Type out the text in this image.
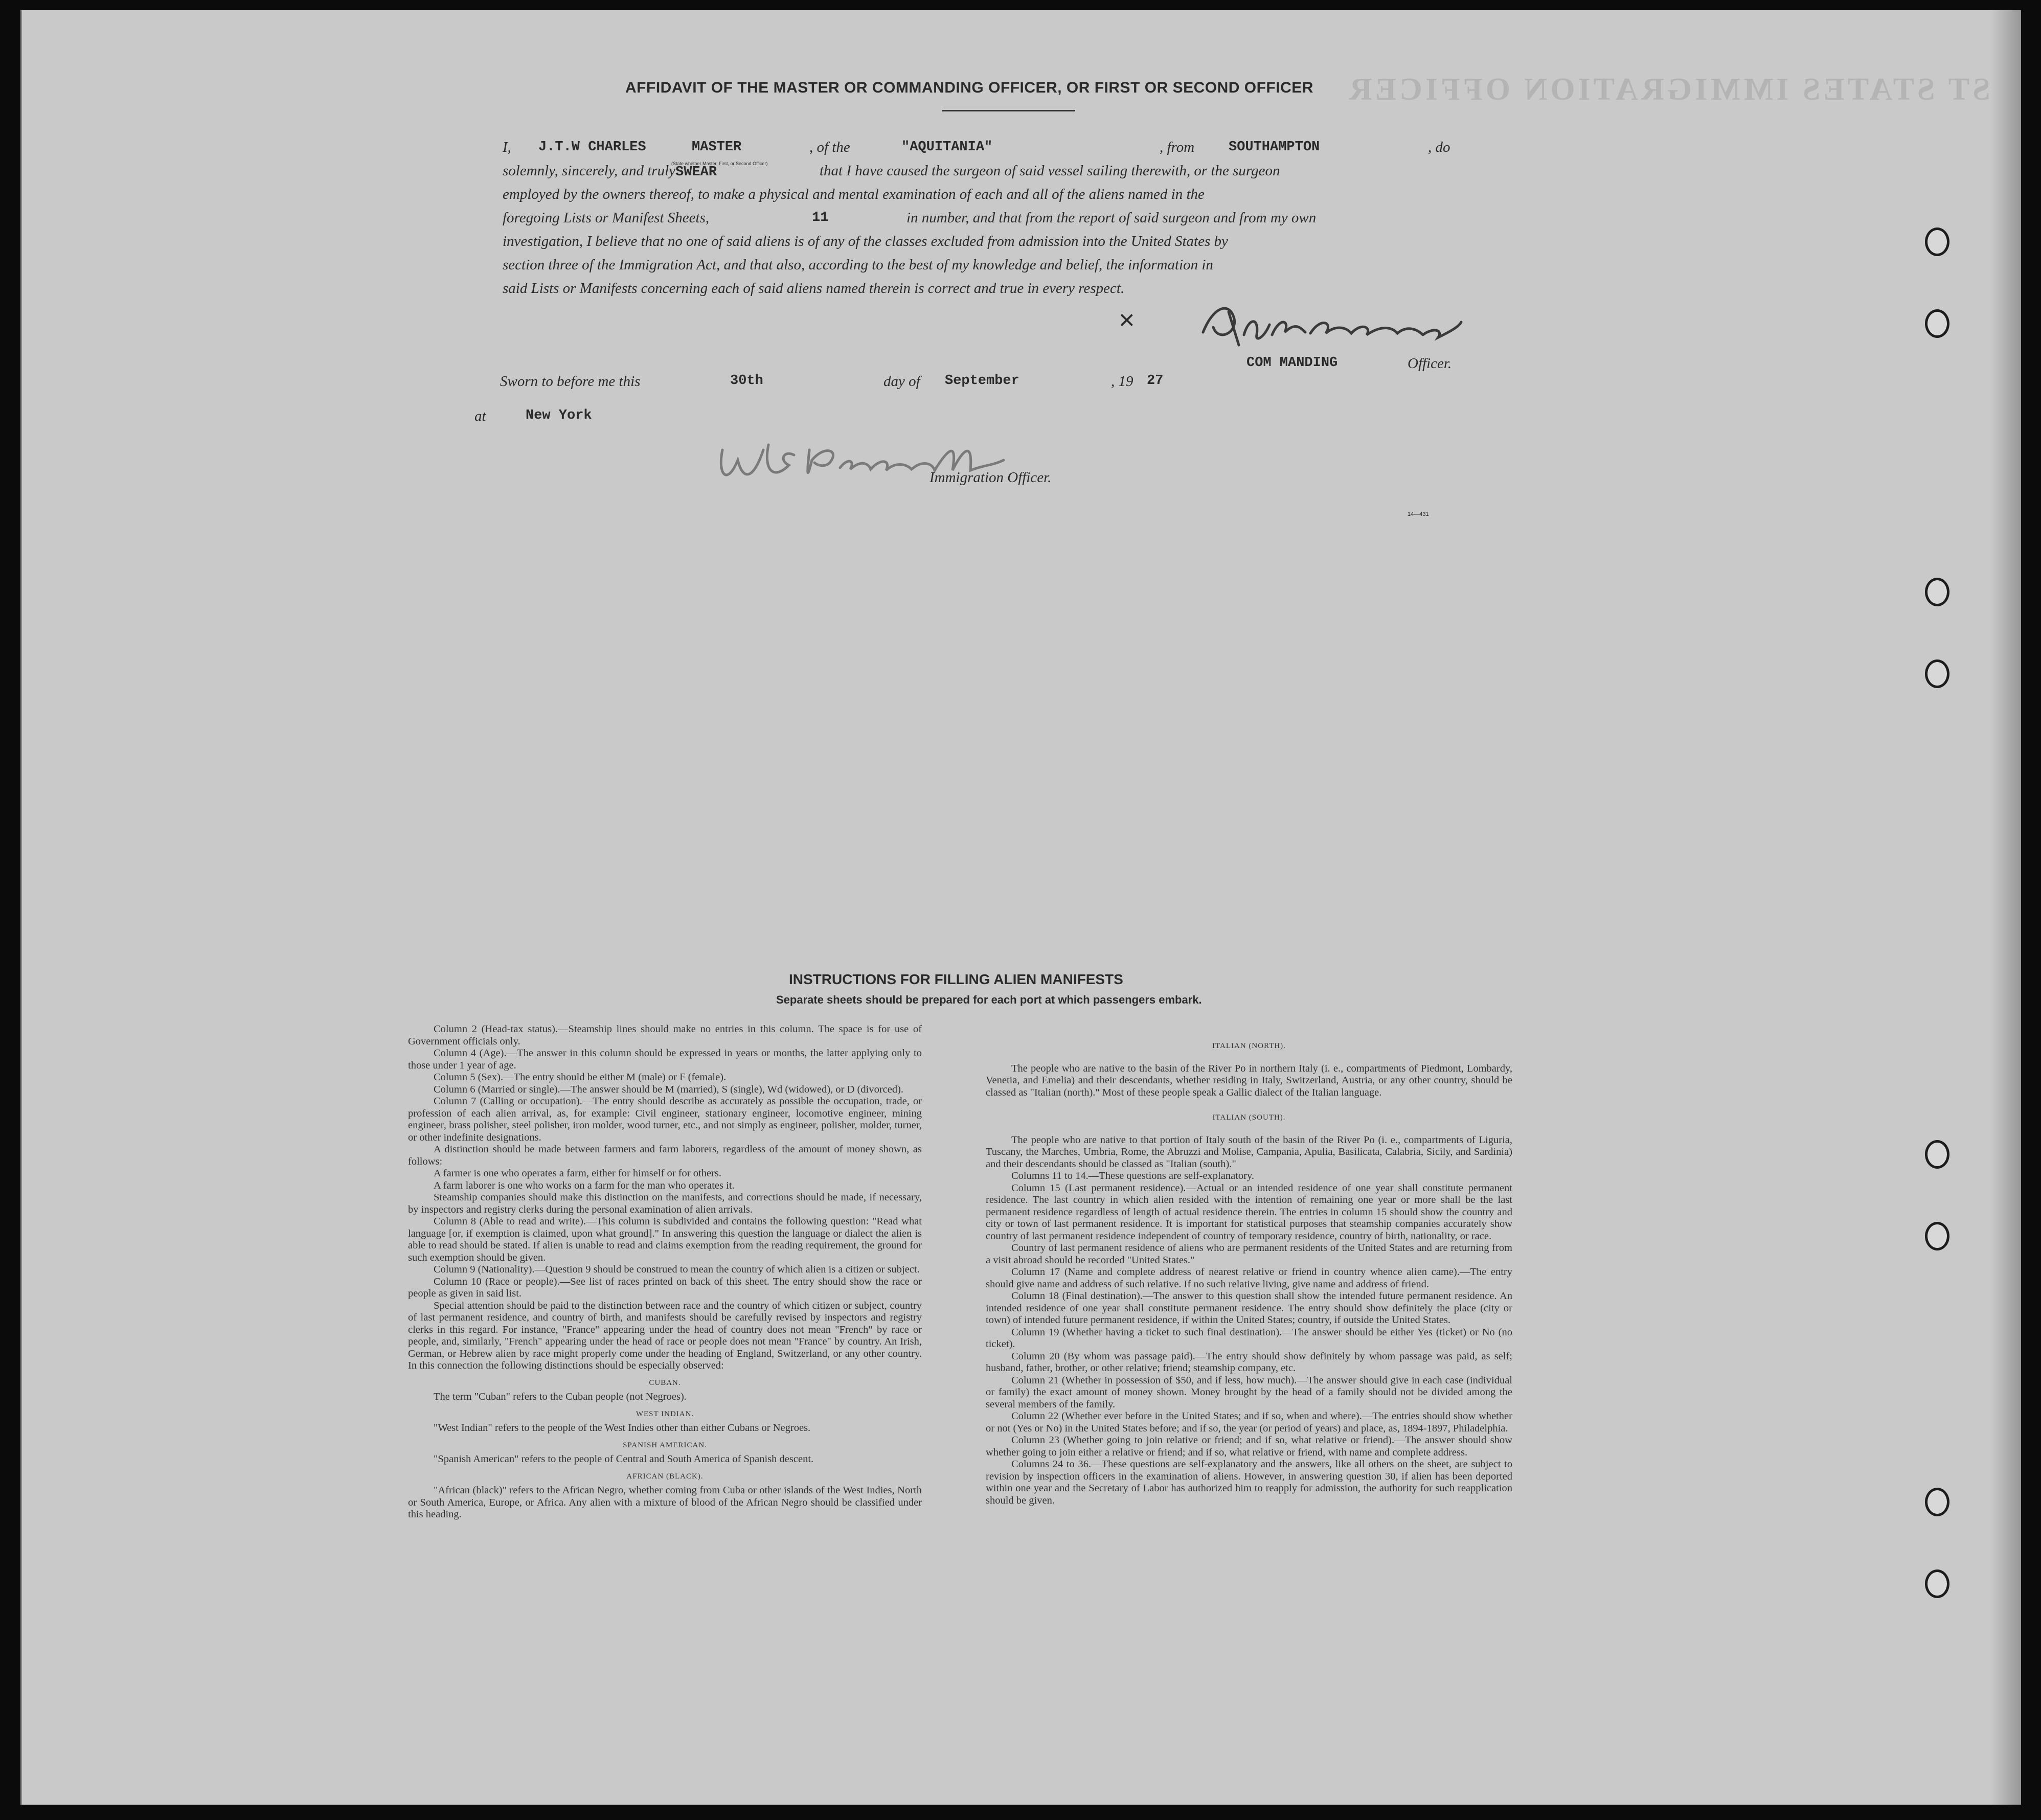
ST STATES IMMIGRATION OFFICER
AFFIDAVIT OF THE MASTER OR COMMANDING OFFICER, OR FIRST OR SECOND OFFICER
I, J.T.W CHARLES	MASTER
(State whether Master, First, or Second Officer)
, of the	"AQUITANIA"	, from SOUTHAMPTON	, do
solemnly, sincerely, and trulySWEAR	that I have caused the surgeon of said vessel sailing therewith, or the surgeon
employed by the owners thereof, to make a physical and mental examination of each and all of the aliens named in the
foregoing Lists or Manifest Sheets,	11	in number, and that from the report of said surgeon and from my own
investigation, I believe that no one of said aliens is of any of the classes excluded from admission into the United States by
section three of the Immigration Act, and that also, according to the best of my knowledge and belief, the information in
said Lists or Manifests concerning each of said aliens named therein is correct and true in every respect.
×
COM MANDING	Officer.
Sworn to before me this	30th	day of September	, 19 27
at	New York
Immigration Officer.
14—431
INSTRUCTIONS FOR FILLING ALIEN MANIFESTS
Separate sheets should be prepared for each port at which passengers embark.

Column 2 (Head-tax status).—Steamship lines should make no entries in this column. The space is for use of Government officials only.

Column 4 (Age).—The answer in this column should be expressed in years or months, the latter applying only to those under 1 year of age.

Column 5 (Sex).—The entry should be either M (male) or F (female).

Column 6 (Married or single).—The answer should be M (married), S (single), Wd (widowed), or D (divorced).

Column 7 (Calling or occupation).—The entry should describe as accurately as possible the occupation, trade, or profession of each alien arrival, as, for example: Civil engineer, stationary engineer, locomotive engineer, mining engineer, brass polisher, steel polisher, iron molder, wood turner, etc., and not simply as engineer, polisher, molder, turner, or other indefinite designations.

A distinction should be made between farmers and farm laborers, regardless of the amount of money shown, as follows:

A farmer is one who operates a farm, either for himself or for others.

A farm laborer is one who works on a farm for the man who operates it.

Steamship companies should make this distinction on the manifests, and corrections should be made, if necessary, by inspectors and registry clerks during the personal examination of alien arrivals.

Column 8 (Able to read and write).—This column is subdivided and contains the following question: "Read what language [or, if exemption is claimed, upon what ground]." In answering this question the language or dialect the alien is able to read should be stated. If alien is unable to read and claims exemption from the reading requirement, the ground for such exemption should be given.

Column 9 (Nationality).—Question 9 should be construed to mean the country of which alien is a citizen or subject.

Column 10 (Race or people).—See list of races printed on back of this sheet. The entry should show the race or people as given in said list.

Special attention should be paid to the distinction between race and the country of which citizen or subject, country of last permanent residence, and country of birth, and manifests should be carefully revised by inspectors and registry clerks in this regard. For instance, "France" appearing under the head of country does not mean "French" by race or people, and, similarly, "French" appearing under the head of race or people does not mean "France" by country. An Irish, German, or Hebrew alien by race might properly come under the heading of England, Switzerland, or any other country. In this connection the following distinctions should be especially observed:

CUBAN.

The term "Cuban" refers to the Cuban people (not Negroes).

WEST INDIAN.

"West Indian" refers to the people of the West Indies other than either Cubans or Negroes.

SPANISH AMERICAN.

"Spanish American" refers to the people of Central and South America of Spanish descent.

AFRICAN (BLACK).

"African (black)" refers to the African Negro, whether coming from Cuba or other islands of the West Indies, North or South America, Europe, or Africa. Any alien with a mixture of blood of the African Negro should be classified under this heading.

ITALIAN (NORTH).

The people who are native to the basin of the River Po in northern Italy (i. e., compartments of Piedmont, Lombardy, Venetia, and Emelia) and their descendants, whether residing in Italy, Switzerland, Austria, or any other country, should be classed as "Italian (north)." Most of these people speak a Gallic dialect of the Italian language.

ITALIAN (SOUTH).

The people who are native to that portion of Italy south of the basin of the River Po (i. e., compartments of Liguria, Tuscany, the Marches, Umbria, Rome, the Abruzzi and Molise, Campania, Apulia, Basilicata, Calabria, Sicily, and Sardinia) and their descendants should be classed as "Italian (south)."

Columns 11 to 14.—These questions are self-explanatory.

Column 15 (Last permanent residence).—Actual or an intended residence of one year shall constitute permanent residence. The last country in which alien resided with the intention of remaining one year or more shall be the last permanent residence regardless of length of actual residence therein. The entries in column 15 should show the country and city or town of last permanent residence. It is important for statistical purposes that steamship companies accurately show country of last permanent residence independent of country of temporary residence, country of birth, nationality, or race.

Country of last permanent residence of aliens who are permanent residents of the United States and are returning from a visit abroad should be recorded "United States."

Column 17 (Name and complete address of nearest relative or friend in country whence alien came).—The entry should give name and address of such relative. If no such relative living, give name and address of friend.

Column 18 (Final destination).—The answer to this question shall show the intended future permanent residence. An intended residence of one year shall constitute permanent residence. The entry should show definitely the place (city or town) of intended future permanent residence, if within the United States; country, if outside the United States.

Column 19 (Whether having a ticket to such final destination).—The answer should be either Yes (ticket) or No (no ticket).

Column 20 (By whom was passage paid).—The entry should show definitely by whom passage was paid, as self; husband, father, brother, or other relative; friend; steamship company, etc.

Column 21 (Whether in possession of $50, and if less, how much).—The answer should give in each case (individual or family) the exact amount of money shown. Money brought by the head of a family should not be divided among the several members of the family.

Column 22 (Whether ever before in the United States; and if so, when and where).—The entries should show whether or not (Yes or No) in the United States before; and if so, the year (or period of years) and place, as, 1894-1897, Philadelphia.

Column 23 (Whether going to join relative or friend; and if so, what relative or friend).—The answer should show whether going to join either a relative or friend; and if so, what relative or friend, with name and complete address.

Columns 24 to 36.—These questions are self-explanatory and the answers, like all others on the sheet, are subject to revision by inspection officers in the examination of aliens. However, in answering question 30, if alien has been deported within one year and the Secretary of Labor has authorized him to reapply for admission, the authority for such reapplication should be given.
